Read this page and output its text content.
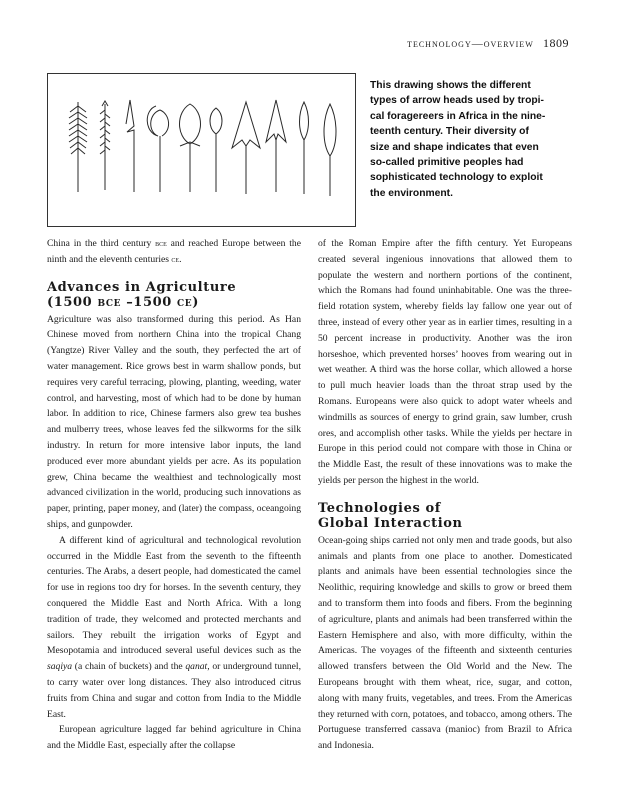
technology—overview 1809
This drawing shows the different
types of arrow heads used by tropi-
cal foragereers in Africa in the nine-
teenth century. Their diversity of
size and shape indicates that even
so-called primitive peoples had
sophisticated technology to exploit
the environment.

China in the third century bce and reached Europe between the ninth and the eleventh centuries ce.

Advances in Agriculture
(1500 bce –1500 ce)

Agriculture was also transformed during this period. As Han Chinese moved from northern China into the tropical Chang (Yangtze) River Valley and the south, they perfected the art of water management. Rice grows best in warm shallow ponds, but requires very careful terracing, plowing, planting, weeding, water control, and harvesting, most of which had to be done by human labor. In addition to rice, Chinese farmers also grew tea bushes and mulberry trees, whose leaves fed the silkworms for the silk industry. In return for more intensive labor inputs, the land produced ever more abundant yields per acre. As its population grew, China became the wealthiest and technologically most advanced civilization in the world, producing such innovations as paper, printing, paper money, and (later) the compass, oceangoing ships, and gunpowder.

A different kind of agricultural and technological revolution occurred in the Middle East from the seventh to the fifteenth centuries. The Arabs, a desert people, had domesticated the camel for use in regions too dry for horses. In the seventh century, they conquered the Middle East and North Africa. With a long tradition of trade, they welcomed and protected merchants and sailors. They rebuilt the irrigation works of Egypt and Mesopotamia and introduced several useful devices such as the saqiya (a chain of buckets) and the qanat, or underground tunnel, to carry water over long distances. They also introduced citrus fruits from China and sugar and cotton from India to the Middle East.

European agriculture lagged far behind agriculture in China and the Middle East, especially after the collapse

of the Roman Empire after the fifth century. Yet Europeans created several ingenious innovations that allowed them to populate the western and northern portions of the continent, which the Romans had found uninhabitable. One was the three-field rotation system, whereby fields lay fallow one year out of three, instead of every other year as in earlier times, resulting in a 50 percent increase in productivity. Another was the iron horseshoe, which prevented horses’ hooves from wearing out in wet weather. A third was the horse collar, which allowed a horse to pull much heavier loads than the throat strap used by the Romans. Europeans were also quick to adopt water wheels and windmills as sources of energy to grind grain, saw lumber, crush ores, and accomplish other tasks. While the yields per hectare in Europe in this period could not compare with those in China or the Middle East, the result of these innovations was to make the yields per person the highest in the world.

Technologies of
Global Interaction

Ocean-going ships carried not only men and trade goods, but also animals and plants from one place to another. Domesticated plants and animals have been essential technologies since the Neolithic, requiring knowledge and skills to grow or breed them and to transform them into foods and fibers. From the beginning of agriculture, plants and animals had been transferred within the Eastern Hemisphere and also, with more difficulty, within the Americas. The voyages of the fifteenth and sixteenth centuries allowed transfers between the Old World and the New. The Europeans brought with them wheat, rice, sugar, and cotton, along with many fruits, vegetables, and trees. From the Americas they returned with corn, potatoes, and tobacco, among others. The Portuguese transferred cassava (manioc) from Brazil to Africa and Indonesia.
